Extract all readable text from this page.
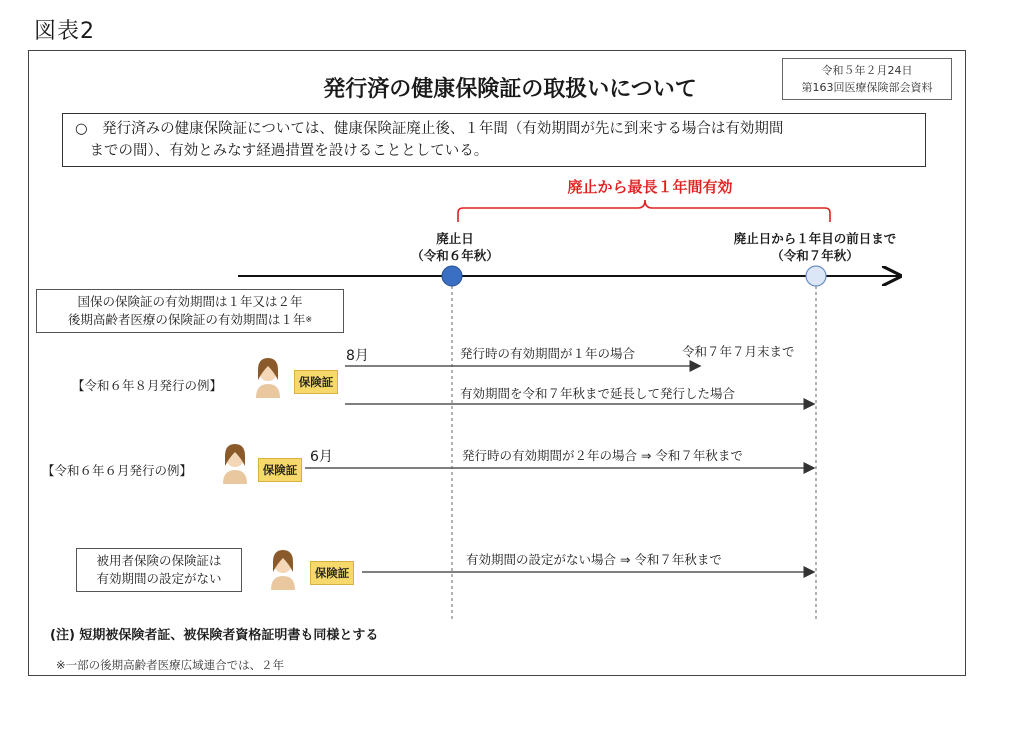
図表2
令和５年２月24日
第163回医療保険部会資料
発行済の健康保険証の取扱いについて
○　発行済みの健康保険証については、健康保険証廃止後、１年間（有効期間が先に到来する場合は有効期間
　までの間）、有効とみなす経過措置を設けることとしている。
廃止から最長１年間有効
廃止日
（令和６年秋）
廃止日から１年目の前日まで
（令和７年秋）
国保の保険証の有効期間は１年又は２年
後期高齢者医療の保険証の有効期間は１年※
【令和６年８月発行の例】	保険証
8月	発行時の有効期間が１年の場合	令和７年７月末まで
有効期間を令和７年秋まで延長して発行した場合
【令和６年６月発行の例】	保険証
6月	発行時の有効期間が２年の場合 ⇒ 令和７年秋まで
被用者保険の保険証は
有効期間の設定がない	保険証
有効期間の設定がない場合 ⇒ 令和７年秋まで
(注) 短期被保険者証、被保険者資格証明書も同様とする
※一部の後期高齢者医療広域連合では、２年
